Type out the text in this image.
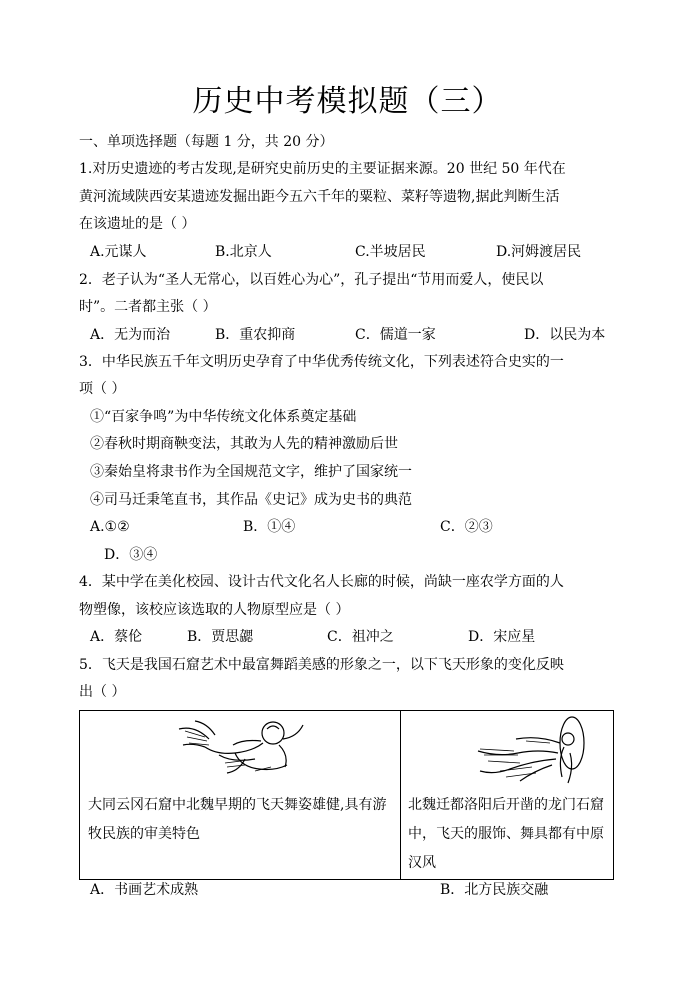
历史中考模拟题（三）
一、单项选择题（每题 1 分，共 20 分）
1.对历史遗迹的考古发现,是研究史前历史的主要证据来源。20 世纪 50 年代在
黄河流域陕西安某遗迹发掘出距今五六千年的粟粒、菜籽等遗物,据此判断生活
在该遗址的是（ ）
A.元谋人	B.北京人	C.半坡居民	D.河姆渡居民
2．老子认为“圣人无常心，以百姓心为心”，孔子提出“节用而爱人，使民以
时”。二者都主张（ ）
A．无为而治	B．重农抑商	C．儒道一家	D．以民为本
3．中华民族五千年文明历史孕育了中华优秀传统文化，下列表述符合史实的一
项（ ）
①“百家争鸣”为中华传统文化体系奠定基础
②春秋时期商鞅变法，其敢为人先的精神激励后世
③秦始皇将隶书作为全国规范文字，维护了国家统一
④司马迁秉笔直书，其作品《史记》成为史书的典范
A.①②	B．①④	C．②③
D．③④
4．某中学在美化校园、设计古代文化名人长廊的时候，尚缺一座农学方面的人
物塑像，该校应该选取的人物原型应是（ ）
A．蔡伦	B．贾思勰	C．祖冲之	D．宋应星
5．飞天是我国石窟艺术中最富舞蹈美感的形象之一，以下飞天形象的变化反映
出（ ）
大同云冈石窟中北魏早期的飞天舞姿雄健,具有游牧民族的审美特色
北魏迁都洛阳后开凿的龙门石窟中，飞天的服饰、舞具都有中原汉风
A．书画艺术成熟	B．北方民族交融
